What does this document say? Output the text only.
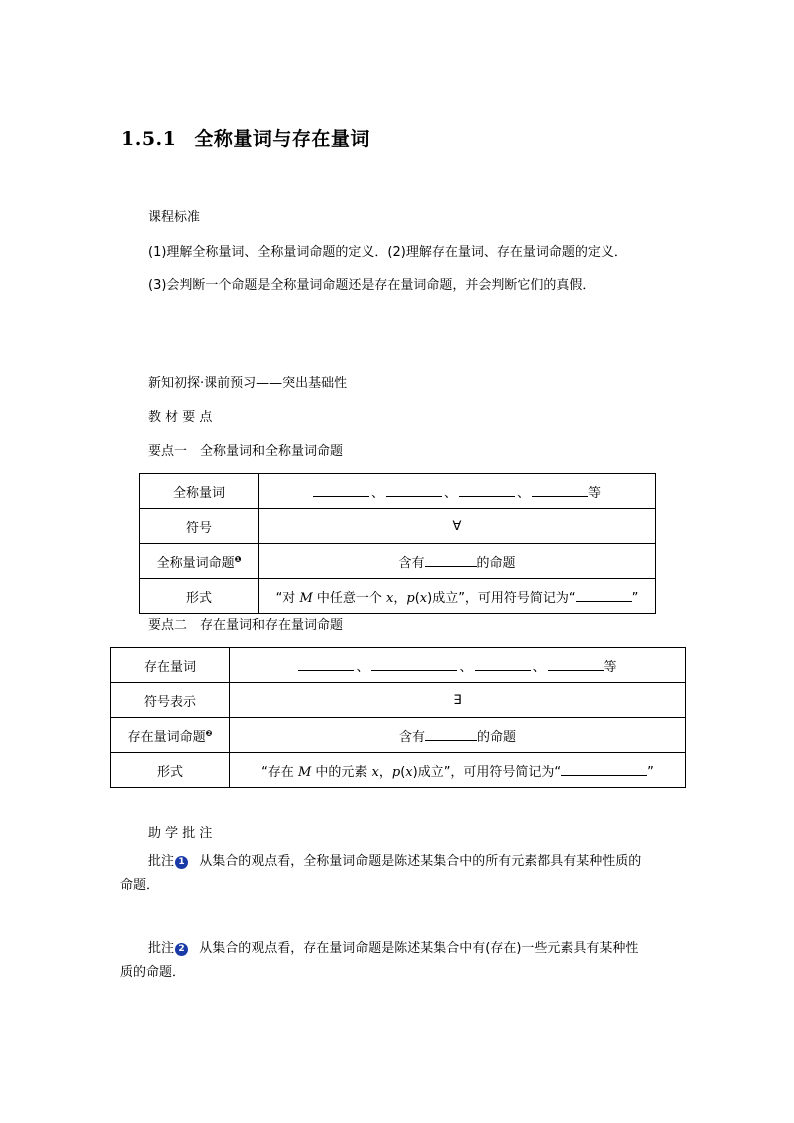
1.5.1 全称量词与存在量词
课程标准
(1)理解全称量词、全称量词命题的定义．(2)理解存在量词、存在量词命题的定义．
(3)会判断一个命题是全称量词命题还是存在量词命题，并会判断它们的真假．
新知初探·课前预习——突出基础性
教 材 要 点
要点一　全称量词和全称量词命题
全称量词	、 、 、 等
符号	∀
全称量词命题$^❶$	含有 的命题
形式	“对 M 中任意一个 x，p(x)成立”，可用符号简记为“ ”
要点二　存在量词和存在量词命题
存在量词	、 、 、 等
符号表示	∃
存在量词命题$^❷$	含有 的命题
形式	“存在 M 中的元素 x，p(x)成立”，可用符号简记为“ ”
助 学 批 注
批注 1 从集合的观点看，全称量词命题是陈述某集合中的所有元素都具有某种性质的
命题．
批注 2 从集合的观点看，存在量词命题是陈述某集合中有(存在)一些元素具有某种性
质的命题．
